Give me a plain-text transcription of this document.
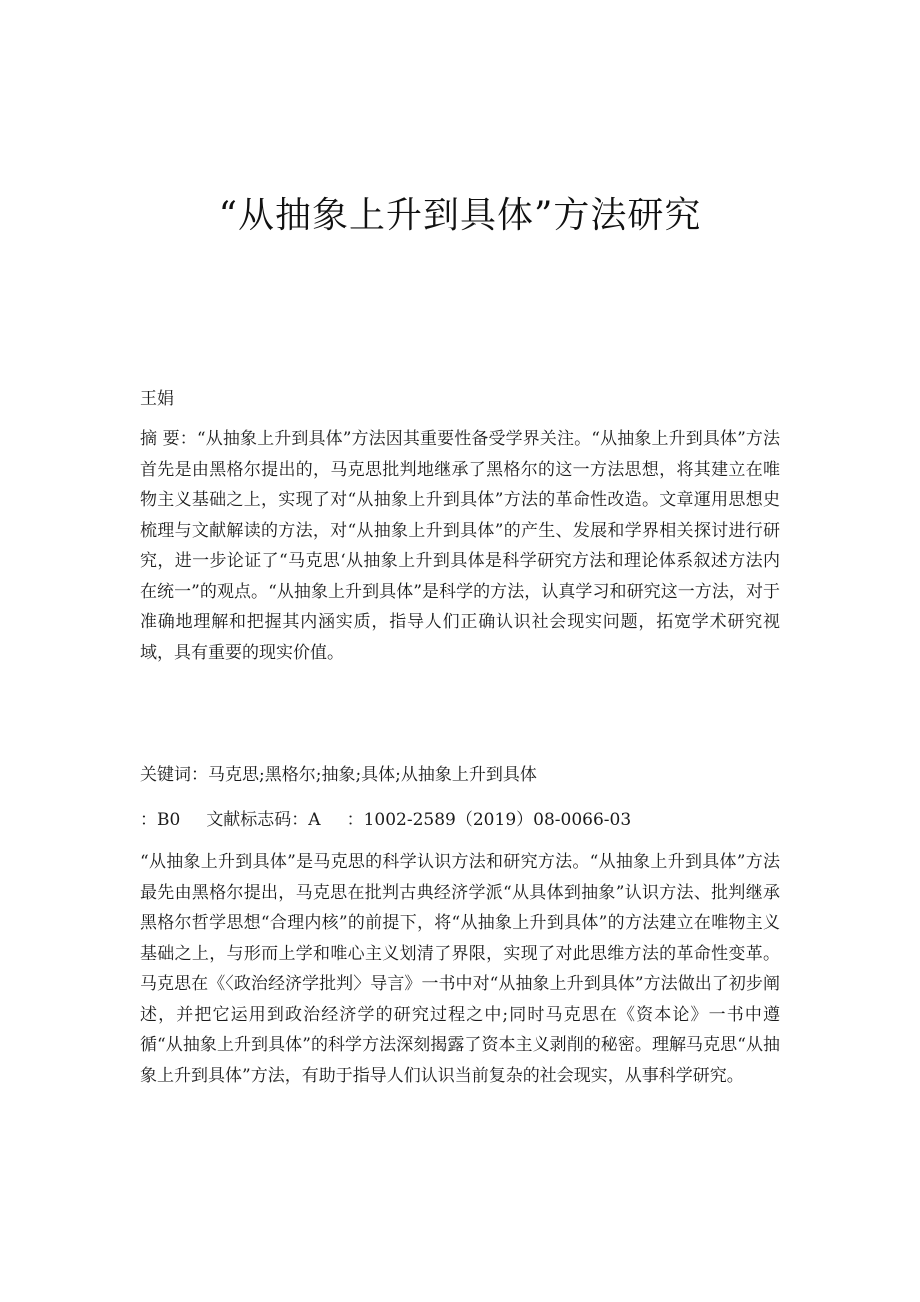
“从抽象上升到具体”方法研究

王娟

摘 要：“从抽象上升到具体”方法因其重要性备受学界关注。“从抽象上升到具体”方法首先是由黑格尔提出的，马克思批判地继承了黑格尔的这一方法思想，将其建立在唯物主义基础之上，实现了对“从抽象上升到具体”方法的革命性改造。文章運用思想史梳理与文献解读的方法，对“从抽象上升到具体”的产生、发展和学界相关探讨进行研究，进一步论证了“马克思‘从抽象上升到具体是科学研究方法和理论体系叙述方法内在统一”的观点。“从抽象上升到具体”是科学的方法，认真学习和研究这一方法，对于准确地理解和把握其内涵实质，指导人们正确认识社会现实问题，拓宽学术研究视域，具有重要的现实价值。

关键词：马克思;黑格尔;抽象;具体;从抽象上升到具体

：B0 文献标志码：A ：1002-2589（2019）08-0066-03

“从抽象上升到具体”是马克思的科学认识方法和研究方法。“从抽象上升到具体”方法最先由黑格尔提出，马克思在批判古典经济学派“从具体到抽象”认识方法、批判继承黑格尔哲学思想“合理内核”的前提下，将“从抽象上升到具体”的方法建立在唯物主义基础之上，与形而上学和唯心主义划清了界限，实现了对此思维方法的革命性变革。马克思在《〈政治经济学批判〉导言》一书中对“从抽象上升到具体”方法做出了初步阐述，并把它运用到政治经济学的研究过程之中;同时马克思在《资本论》一书中遵循“从抽象上升到具体”的科学方法深刻揭露了资本主义剥削的秘密。理解马克思“从抽象上升到具体”方法，有助于指导人们认识当前复杂的社会现实，从事科学研究。
